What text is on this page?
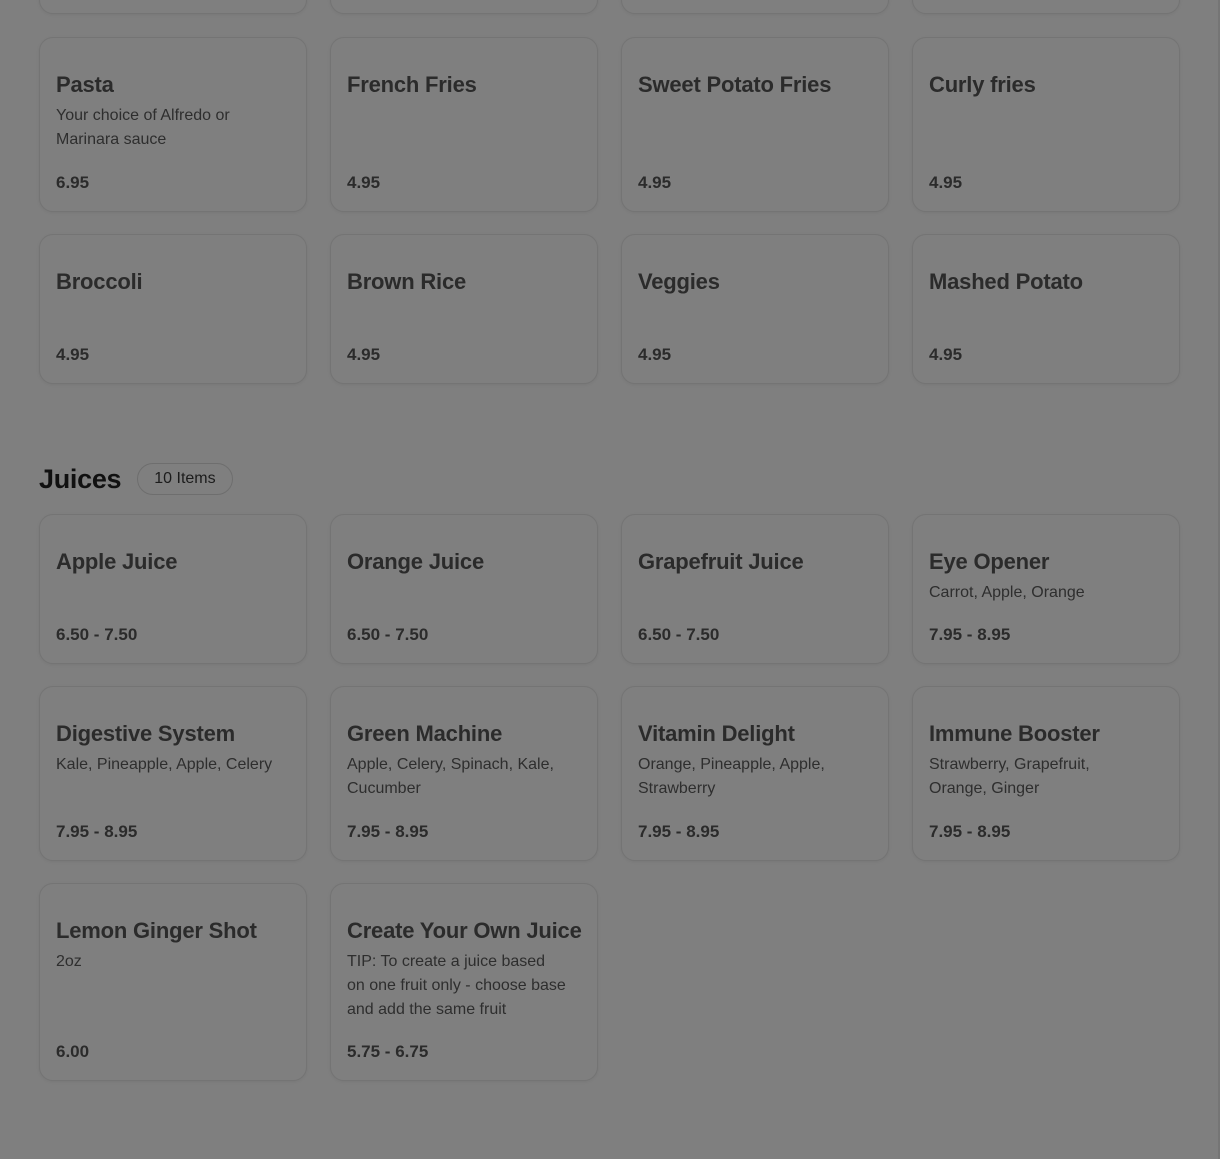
Pasta
Your choice of Alfredo or Marinara sauce
6.95
French Fries
4.95
Sweet Potato Fries
4.95
Curly fries
4.95
Broccoli
4.95
Brown Rice
4.95
Veggies
4.95
Mashed Potato
4.95
Juices	10 Items
Apple Juice
6.50 - 7.50
Orange Juice
6.50 - 7.50
Grapefruit Juice
6.50 - 7.50
Eye Opener
Carrot, Apple, Orange
7.95 - 8.95
Digestive System
Kale, Pineapple, Apple, Celery
7.95 - 8.95
Green Machine
Apple, Celery, Spinach, Kale, Cucumber
7.95 - 8.95
Vitamin Delight
Orange, Pineapple, Apple, Strawberry
7.95 - 8.95
Immune Booster
Strawberry, Grapefruit, Orange, Ginger
7.95 - 8.95
Lemon Ginger Shot
2oz
6.00
Create Your Own Juice
TIP: To create a juice based on one fruit only - choose base and add the same fruit
5.75 - 6.75
